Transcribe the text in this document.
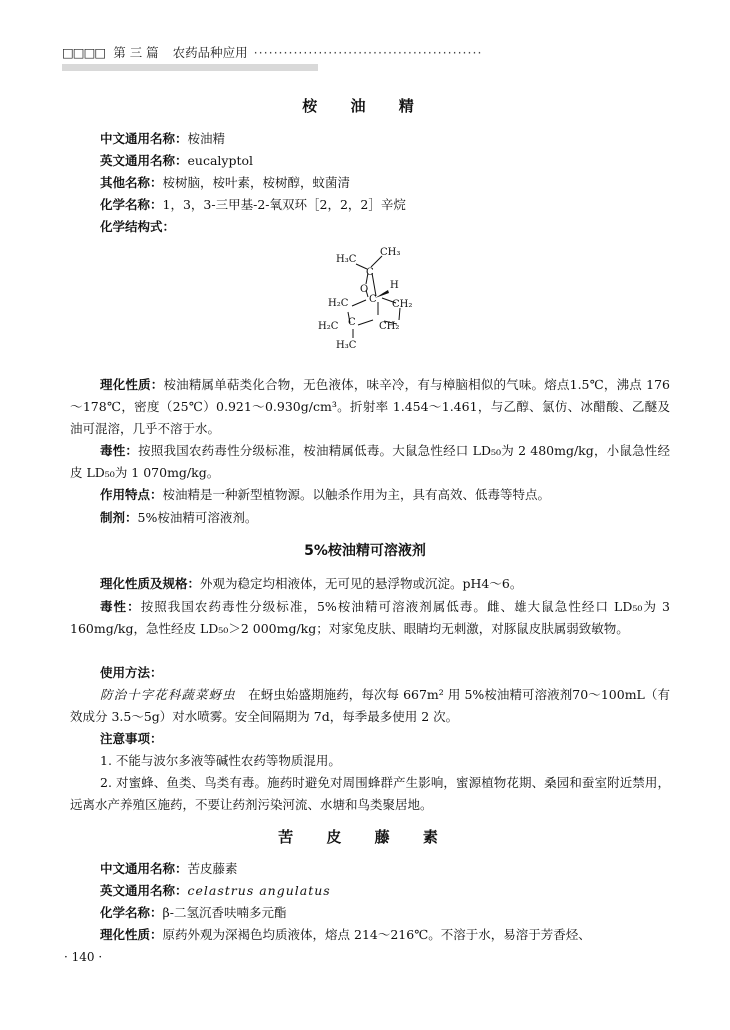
□□□□ 第 三 篇 农药品种应用 ··············································
桉 油 精
中文通用名称：桉油精
英文通用名称：eucalyptol
其他名称：桉树脑，桉叶素，桉树醇，蚊菌清
化学名称：1，3，3-三甲基-2-氧双环［2，2，2］辛烷
化学结构式：
H₃C
CH₃
C
O H
C
H₂C	CH₂
H₂C C CH₂
H₃C
理化性质：桉油精属单萜类化合物，无色液体，味辛冷，有与樟脑相似的气味。熔点1.5℃，沸点 176～178℃，密度（25℃）0.921～0.930g/cm³。折射率 1.454～1.461，与乙醇、氯仿、冰醋酸、乙醚及油可混溶，几乎不溶于水。
毒性：按照我国农药毒性分级标准，桉油精属低毒。大鼠急性经口 LD₅₀为 2 480mg/kg，小鼠急性经皮 LD₅₀为 1 070mg/kg。
作用特点：桉油精是一种新型植物源。以触杀作用为主，具有高效、低毒等特点。
制剂：5%桉油精可溶液剂。
5%桉油精可溶液剂
理化性质及规格：外观为稳定均相液体，无可见的悬浮物或沉淀。pH4～6。
毒性：按照我国农药毒性分级标准，5%桉油精可溶液剂属低毒。雌、雄大鼠急性经口 LD₅₀为 3 160mg/kg，急性经皮 LD₅₀＞2 000mg/kg；对家兔皮肤、眼睛均无刺激，对豚鼠皮肤属弱致敏物。
使用方法：
防治十字花科蔬菜蚜虫  在蚜虫始盛期施药，每次每 667m² 用 5%桉油精可溶液剂70～100mL（有效成分 3.5～5g）对水喷雾。安全间隔期为 7d，每季最多使用 2 次。
注意事项：
1. 不能与波尔多液等碱性农药等物质混用。
2. 对蜜蜂、鱼类、鸟类有毒。施药时避免对周围蜂群产生影响，蜜源植物花期、桑园和蚕室附近禁用，远离水产养殖区施药，不要让药剂污染河流、水塘和鸟类聚居地。
苦 皮 藤 素
中文通用名称：苦皮藤素
英文通用名称：celastrus angulatus
化学名称：β-二氢沉香呋喃多元酯
理化性质：原药外观为深褐色均质液体，熔点 214～216℃。不溶于水，易溶于芳香烃、
· 140 ·
